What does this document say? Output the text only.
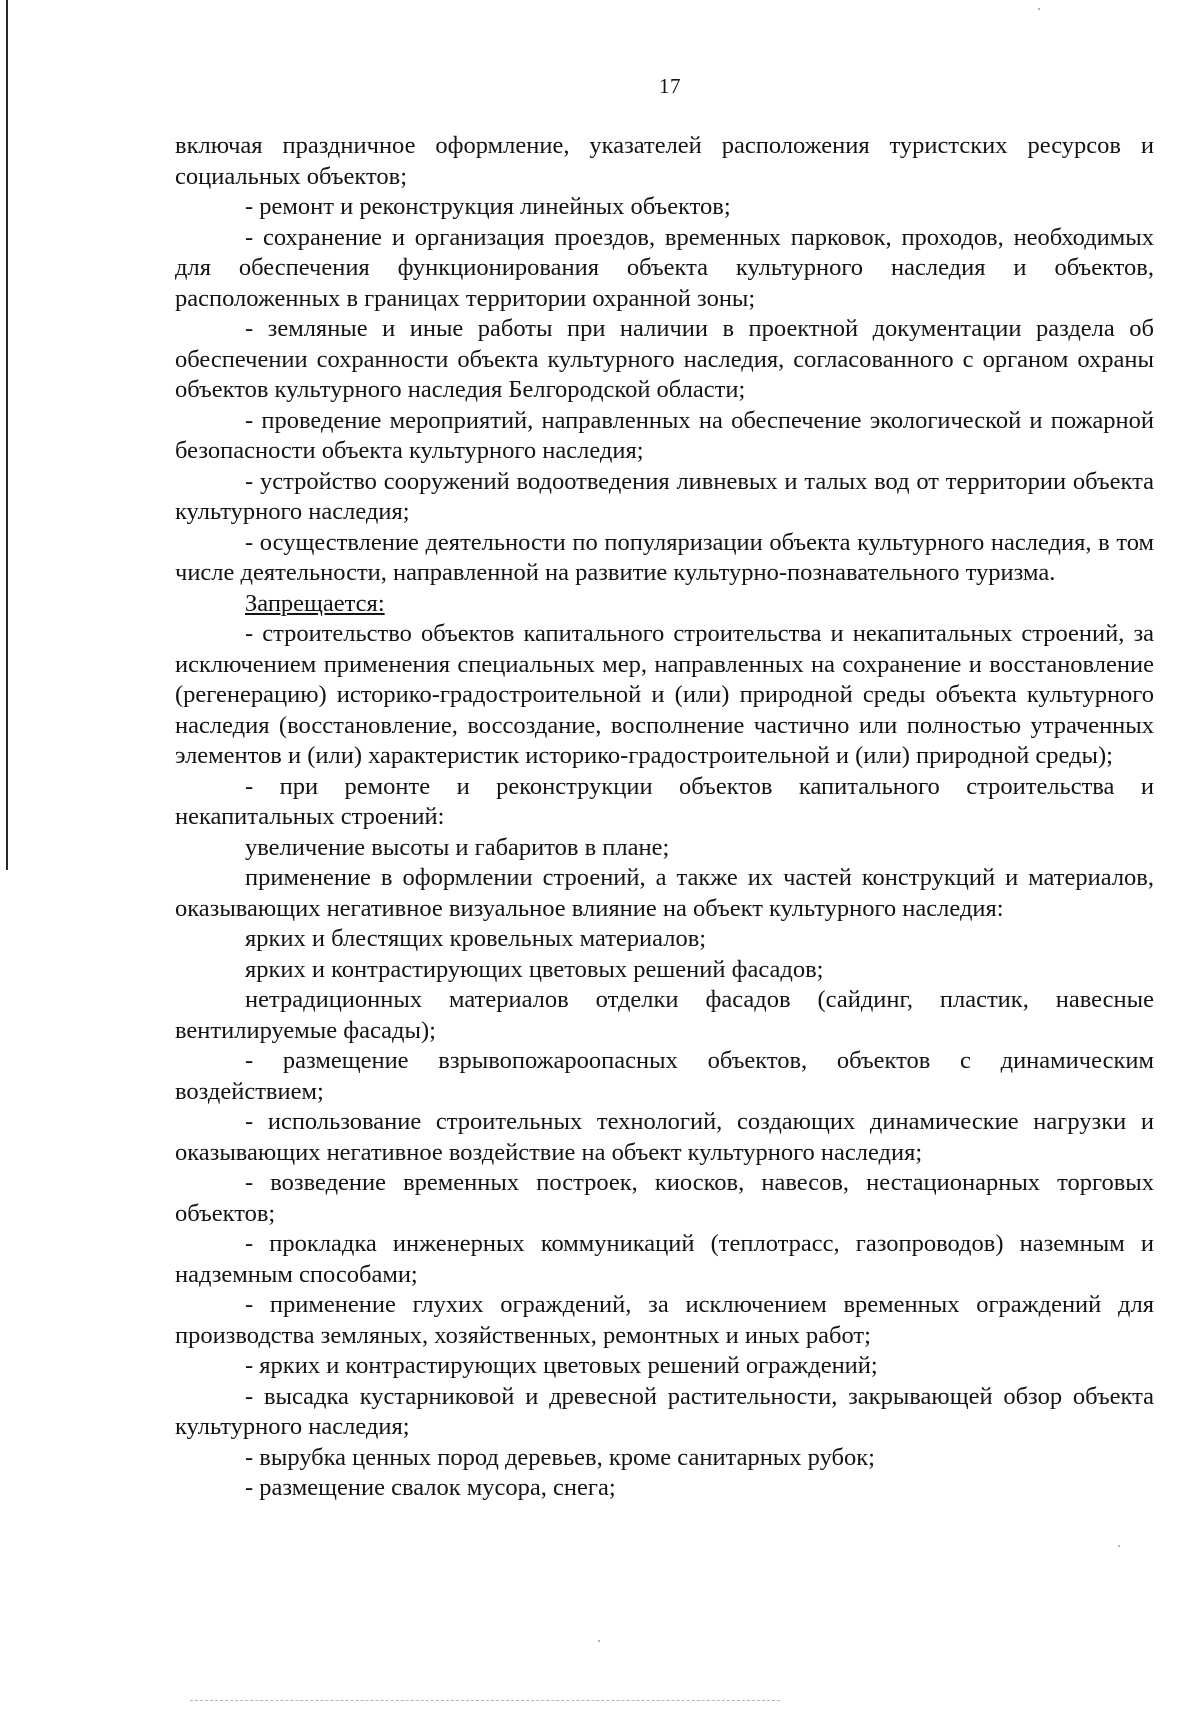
17

включая праздничное оформление, указателей расположения туристских ресурсов и социальных объектов;

- ремонт и реконструкция линейных объектов;

- сохранение и организация проездов, временных парковок, проходов, необходимых для обеспечения функционирования объекта культурного наследия и объектов, расположенных в границах территории охранной зоны;

- земляные и иные работы при наличии в проектной документации раздела об обеспечении сохранности объекта культурного наследия, согласованного с органом охраны объектов культурного наследия Белгородской области;

- проведение мероприятий, направленных на обеспечение экологической и пожарной безопасности объекта культурного наследия;

- устройство сооружений водоотведения ливневых и талых вод от территории объекта культурного наследия;

- осуществление деятельности по популяризации объекта культурного наследия, в том числе деятельности, направленной на развитие культурно-познавательного туризма.

Запрещается:

- строительство объектов капитального строительства и некапитальных строений, за исключением применения специальных мер, направленных на сохранение и восстановление (регенерацию) историко-градостроительной и (или) природной среды объекта культурного наследия (восстановление, воссоздание, восполнение частично или полностью утраченных элементов и (или) характеристик историко-градостроительной и (или) природной среды);

- при ремонте и реконструкции объектов капитального строительства и некапитальных строений:

увеличение высоты и габаритов в плане;

применение в оформлении строений, а также их частей конструкций и материалов, оказывающих негативное визуальное влияние на объект культурного наследия:

ярких и блестящих кровельных материалов;

ярких и контрастирующих цветовых решений фасадов;

нетрадиционных материалов отделки фасадов (сайдинг, пластик, навесные вентилируемые фасады);

- размещение взрывопожароопасных объектов, объектов с динамическим воздействием;

- использование строительных технологий, создающих динамические нагрузки и оказывающих негативное воздействие на объект культурного наследия;

- возведение временных построек, киосков, навесов, нестационарных торговых объектов;

- прокладка инженерных коммуникаций (теплотрасс, газопроводов) наземным и надземным способами;

- применение глухих ограждений, за исключением временных ограждений для производства земляных, хозяйственных, ремонтных и иных работ;

- ярких и контрастирующих цветовых решений ограждений;

- высадка кустарниковой и древесной растительности, закрывающей обзор объекта культурного наследия;

- вырубка ценных пород деревьев, кроме санитарных рубок;

- размещение свалок мусора, снега;
